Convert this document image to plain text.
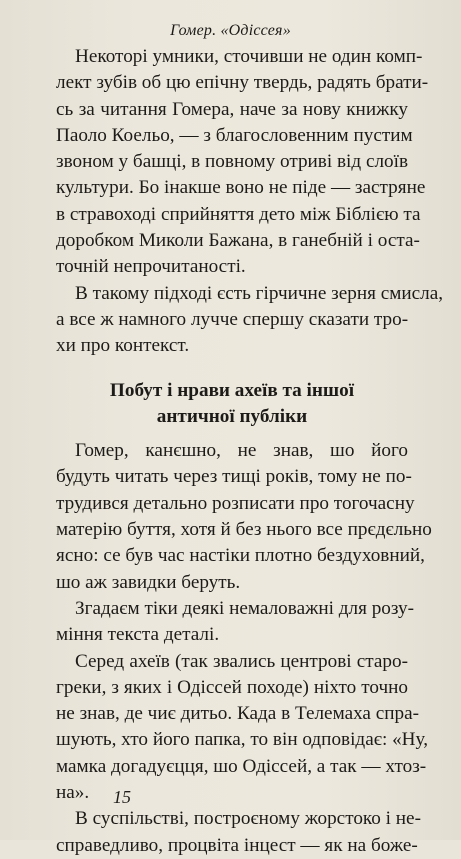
Гомер. «Одіссея»
Некоторі умники, сточивши не один комп-
лект зубів об цю епічну твердь, радять брати-
сь за читання Гомера, наче за нову книжку
Паоло Коельо, — з благословенним пустим
звоном у башці, в повному отриві від слоїв
культури. Бо інакше воно не піде — застряне
в стравоході сприйняття дето між Біблією та
доробком Миколи Бажана, в ганебній і оста-
точній непрочитаності.
В такому підході єсть гірчичне зерня смисла,
а все ж намного лучче спершу сказати тро-
хи про контекст.
Побут і нрави ахеїв та іншої
античної публіки
Гомер, канєшно, не знав, шо його
будуть читать через тищі років, тому не по-
трудився детально розписати про тогочасну
матерію буття, хотя й без нього все прєдєльно
ясно: се був час настіки плотно бездуховний,
шо аж завидки беруть.
Згадаєм тіки деякі немаловажні для розу-
міння текста деталі.
Серед ахеїв (так звались центрові старо-
греки, з яких і Одіссей походе) ніхто точно
не знав, де чиє дитьо. Када в Телемаха спра-
шують, хто його папка, то він одповідає: «Ну,
мамка догадуєцця, шо Одіссей, а так — хтоз-
на».
В суспільстві, построєному жорстоко і не-
справедливо, процвіта інцест — як на боже-
15
